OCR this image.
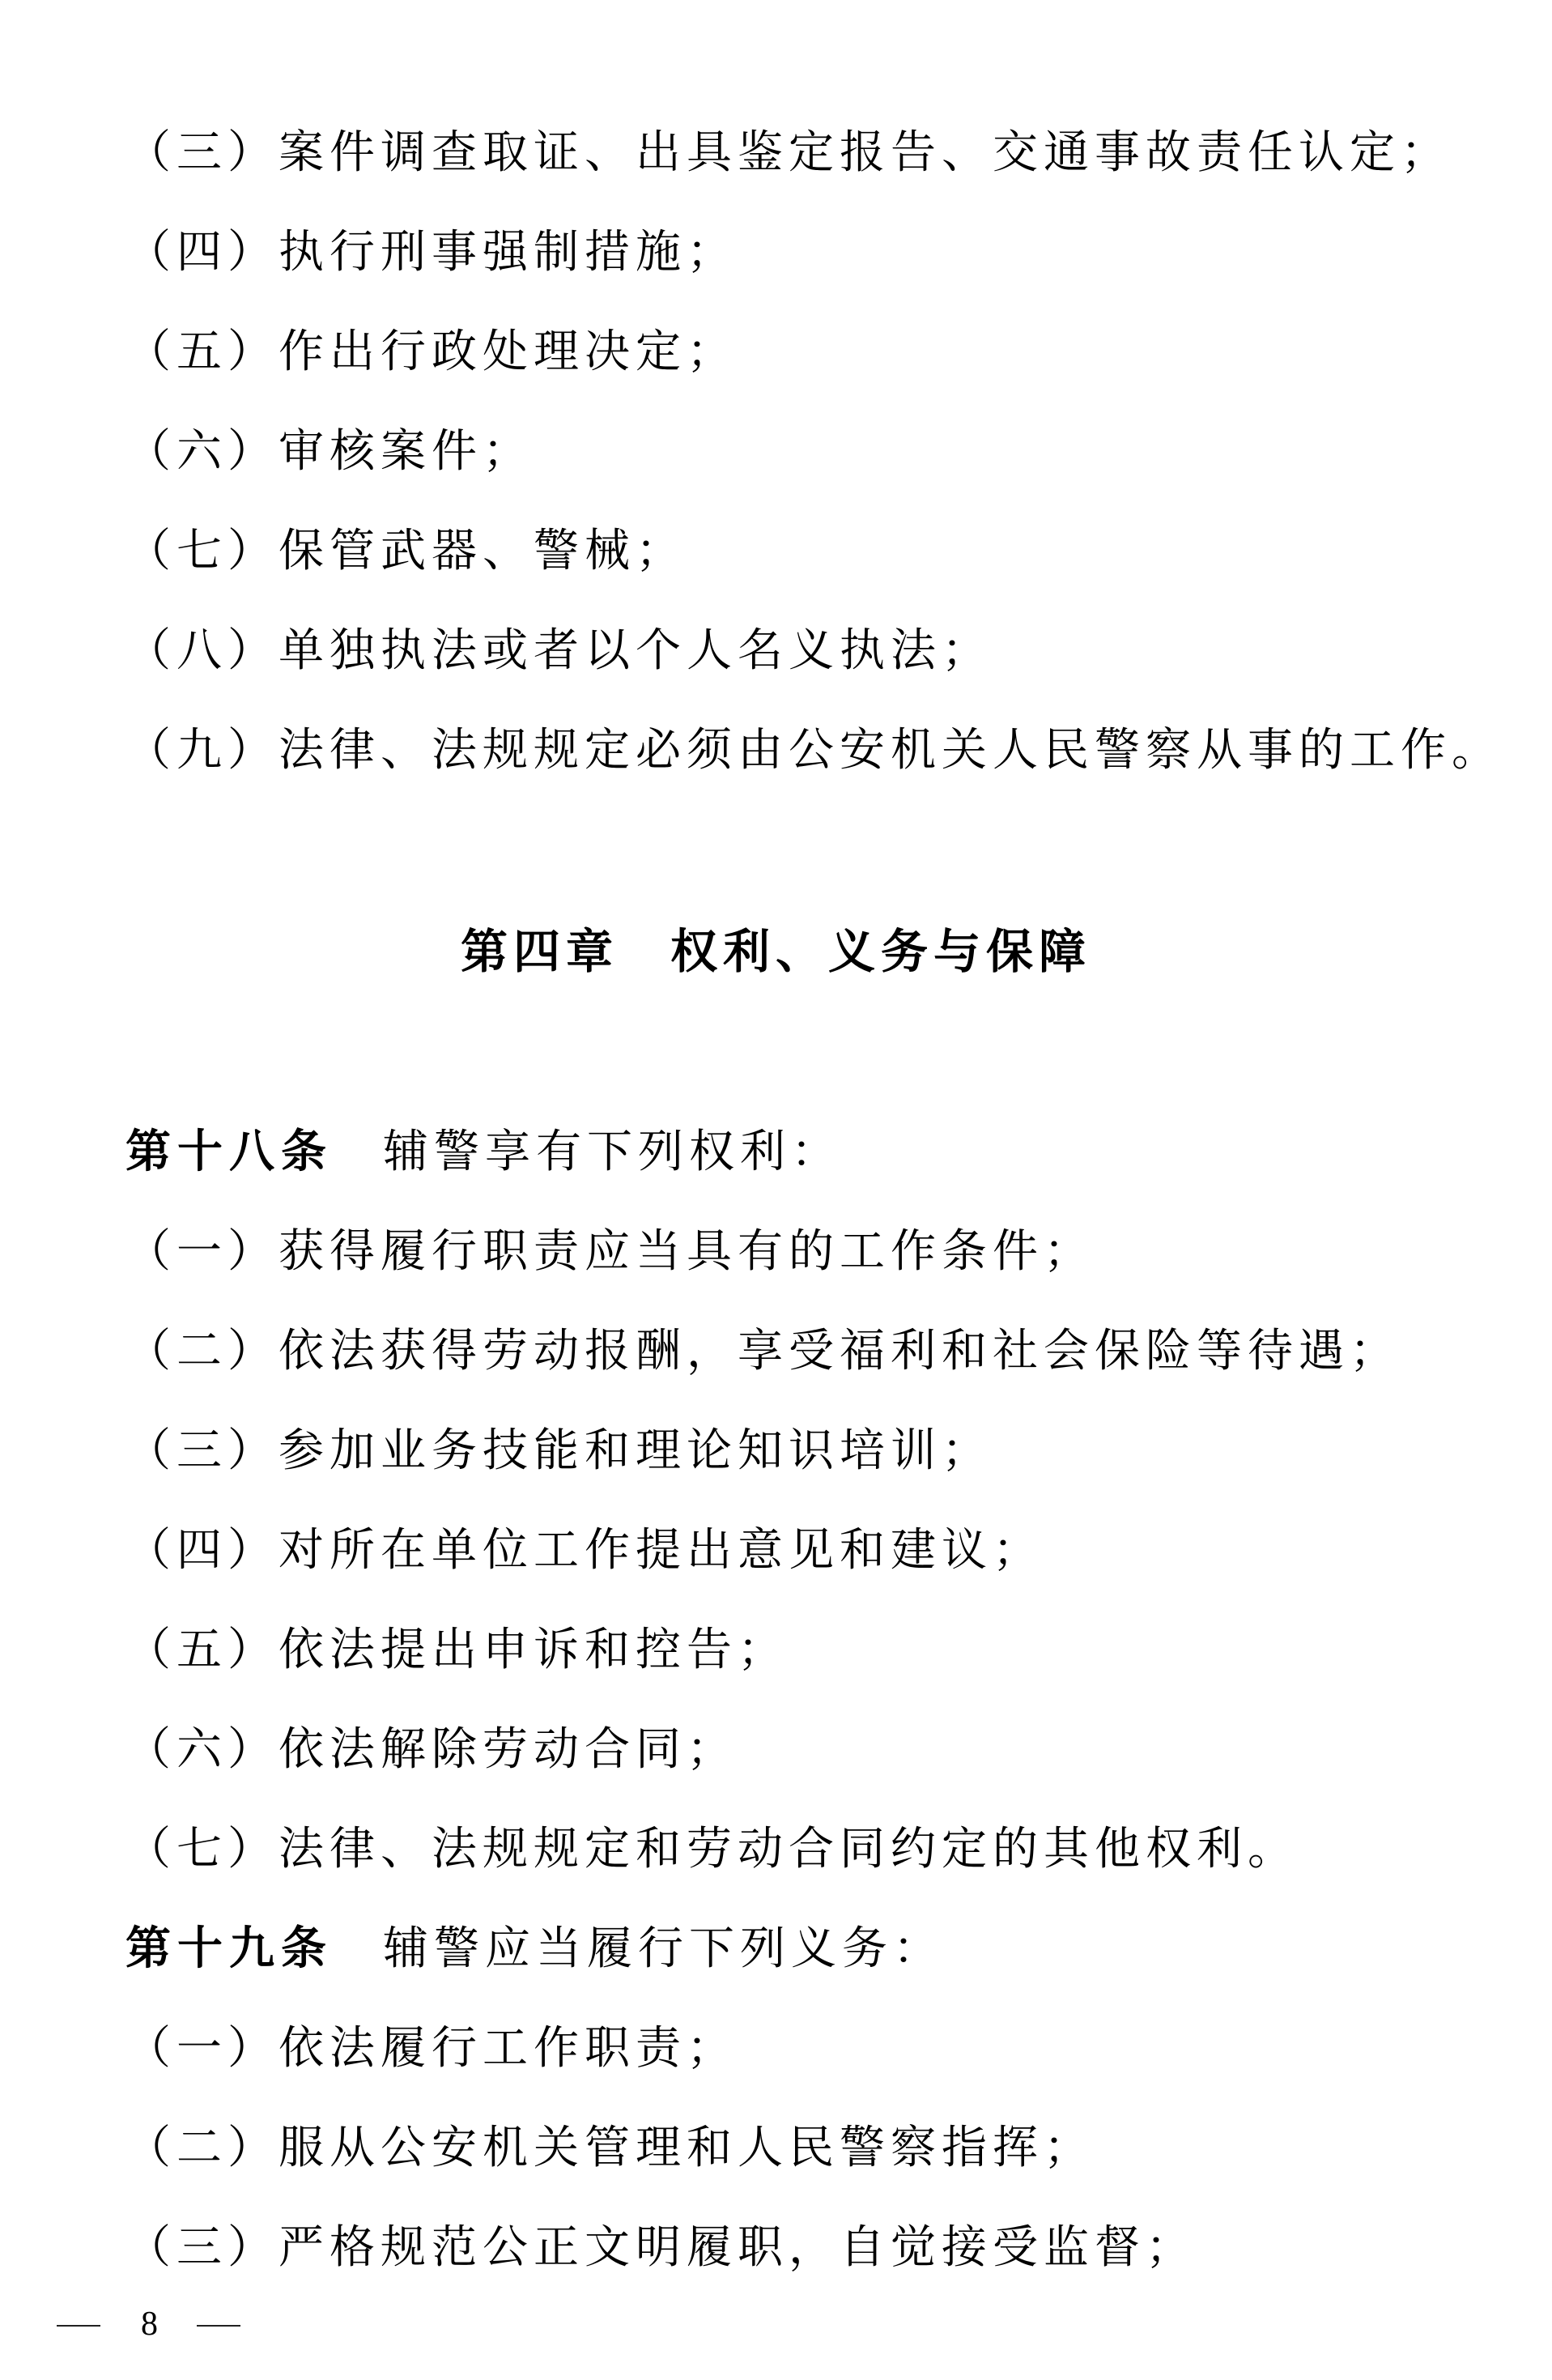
（三）案件调查取证、出具鉴定报告、交通事故责任认定；
（四）执行刑事强制措施；
（五）作出行政处理决定；
（六）审核案件；
（七）保管武器、警械；
（八）单独执法或者以个人名义执法；
（九）法律、法规规定必须由公安机关人民警察从事的工作。
第四章 权利、义务与保障
第十八条 辅警享有下列权利：
（一）获得履行职责应当具有的工作条件；
（二）依法获得劳动报酬，享受福利和社会保险等待遇；
（三）参加业务技能和理论知识培训；
（四）对所在单位工作提出意见和建议；
（五）依法提出申诉和控告；
（六）依法解除劳动合同；
（七）法律、法规规定和劳动合同约定的其他权利。
第十九条 辅警应当履行下列义务：
（一）依法履行工作职责；
（二）服从公安机关管理和人民警察指挥；
（三）严格规范公正文明履职，自觉接受监督；
8
